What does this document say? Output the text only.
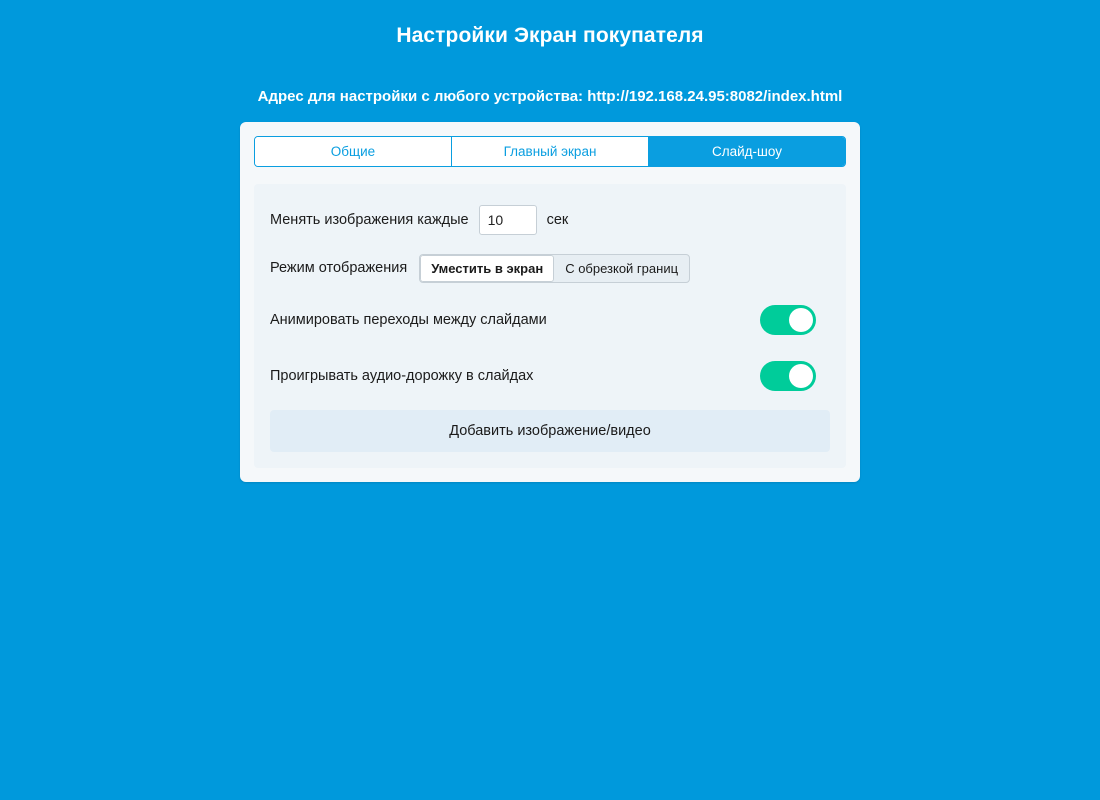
Настройки Экран покупателя
Адрес для настройки с любого устройства: http://192.168.24.95:8082/index.html
Общие	Главный экран	Слайд-шоу
Менять изображения каждые
10	сек
Режим отображения	Уместить в экран	С обрезкой границ
Анимировать переходы между слайдами
Проигрывать аудио-дорожку в слайдах
Добавить изображение/видео
